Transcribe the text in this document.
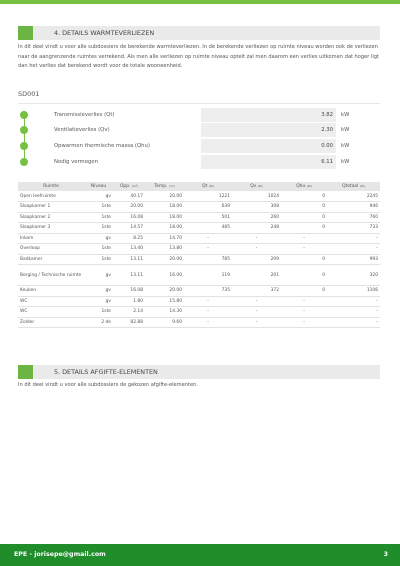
4. DETAILS WARMTEVERLIEZEN
In dit deel vindt u voor alle subdossiers de berekende warmteverliezen. In de berekende verliezen op ruimte niveau worden ook de verliezen naar de aangrenzende ruimtes verrekend. Als men alle verliezen op ruimte niveau optelt zal men daarom een verlies uitkomen dat hoger ligt dan het verlies dat berekend wordt voor de totale wooneenheid.
SD001
Transmissieverlies (Qt)	3.82 kW
Ventilatieverlies (Qv)	2.30 kW
Opwarmen thermische massa (Qhu)	0.00 kW
Nodig vermogen	6.11 kW
Ruimte	Niveau	Opp. (m²)	Temp. (°C)	Qt (W)	Qv (W)	Qhu (W)	Qtotaal (W)
Open leefruimte	gv	40.17	20.00	1221	1024	0	2245
Slaapkamer 1	1ste	20.00	18.00	639	308	0	946
Slaapkamer 2	1ste	16.08	18.00	501	260	0	760
Slaapkamer 3	1ste	14.57	18.00	485	248	0	733
Inkom	gv	8.25	14.70	-	-	-	-
Overloop	1ste	13.40	13.80	-	-	-	-
Badkamer	1ste	13.11	20.00	785	209	0	993
Berging / Technische ruimte	gv	13.11	16.00	119	201	0	320
Keuken	gv	16.08	20.00	735	372	0	1106
WC	gv	1.80	15.80	-	-	-	-
WC	1ste	2.14	14.30	-	-	-	-
Zolder	2 de	82.88	9.60	-	-	-	-
5. DETAILS AFGIFTE-ELEMENTEN
In dit deel vindt u voor alle subdossiers de gekozen afgifte-elementen.
EPE - jorisepe@gmail.com	3
